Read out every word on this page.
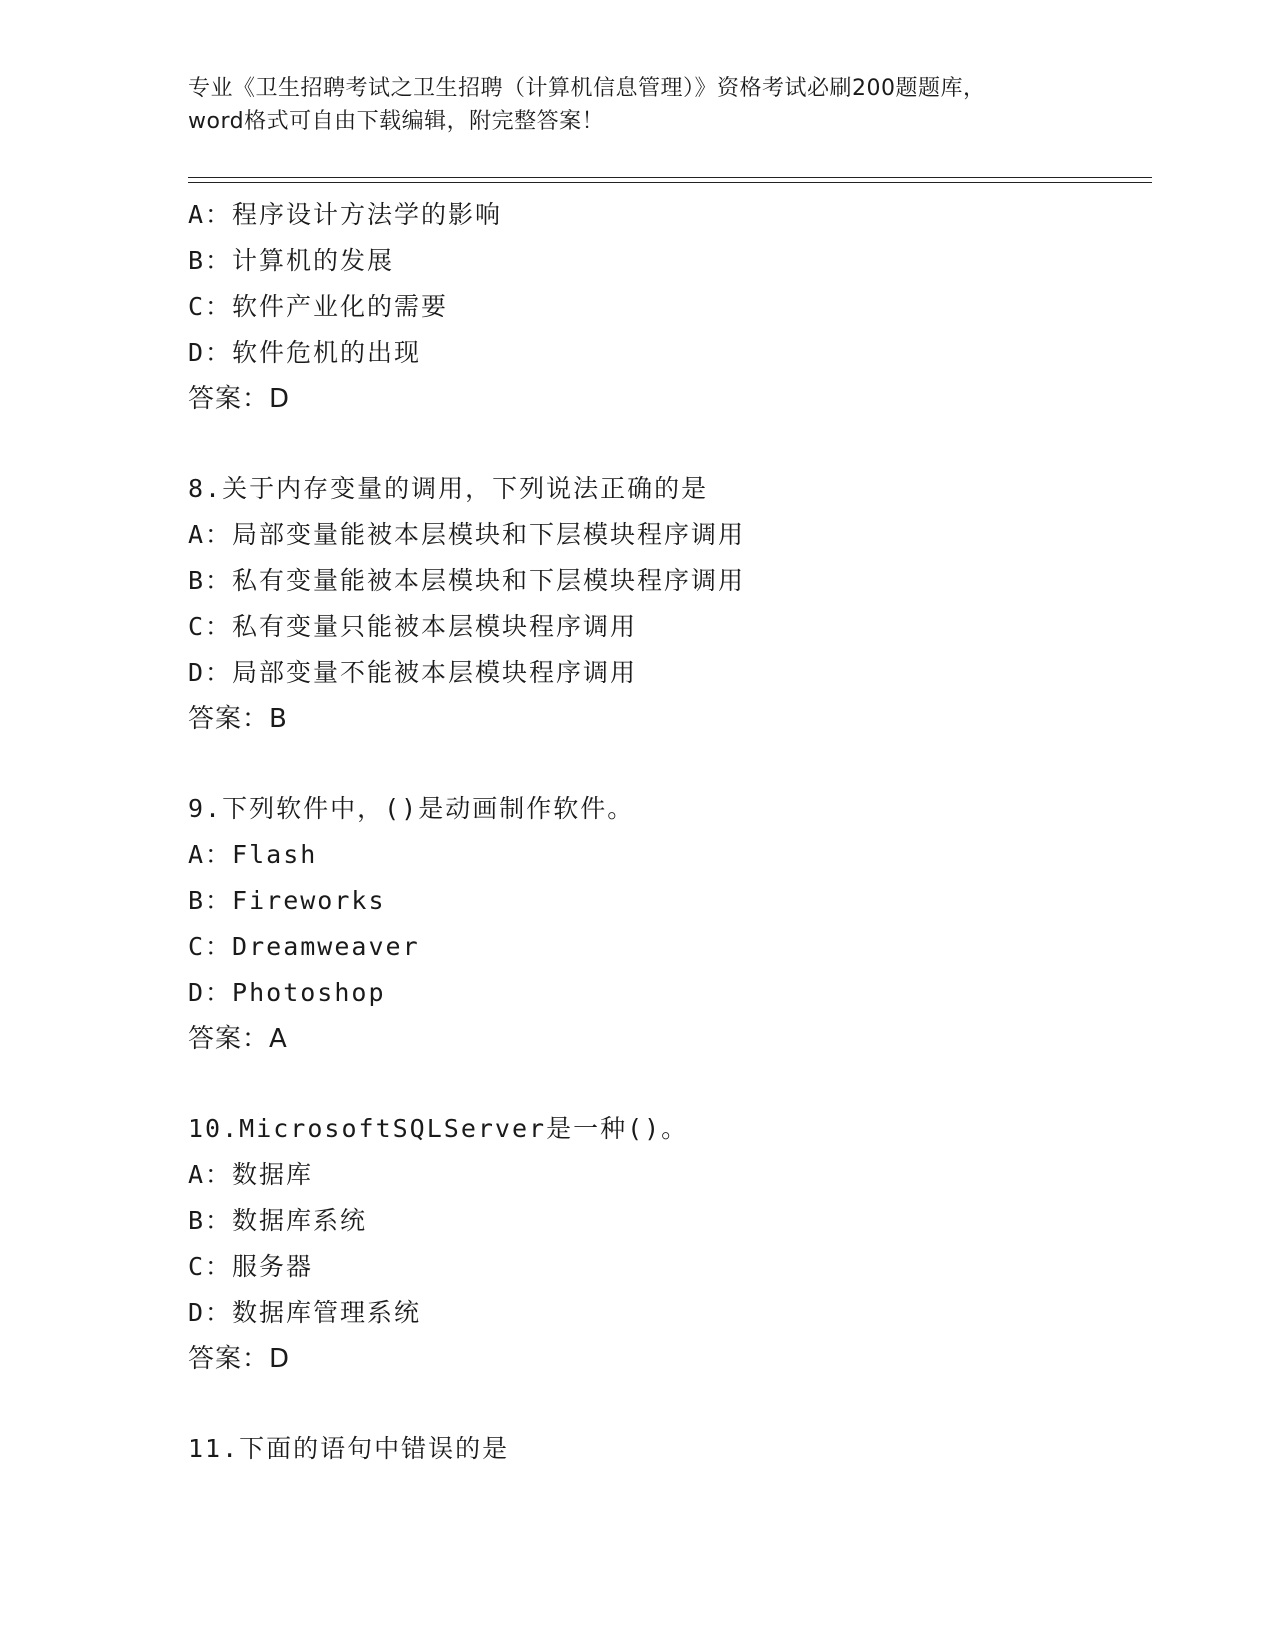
专业《卫生招聘考试之卫生招聘（计算机信息管理）》资格考试必刷200题题库，
word格式可自由下载编辑，附完整答案！
A：程序设计方法学的影响
B：计算机的发展
C：软件产业化的需要
D：软件危机的出现
答案：D
8.关于内存变量的调用，下列说法正确的是
A：局部变量能被本层模块和下层模块程序调用
B：私有变量能被本层模块和下层模块程序调用
C：私有变量只能被本层模块程序调用
D：局部变量不能被本层模块程序调用
答案：B
9.下列软件中，()是动画制作软件。
A：Flash
B：Fireworks
C：Dreamweaver
D：Photoshop
答案：A
10.MicrosoftSQLServer是一种()。
A：数据库
B：数据库系统
C：服务器
D：数据库管理系统
答案：D
11.下面的语句中错误的是
